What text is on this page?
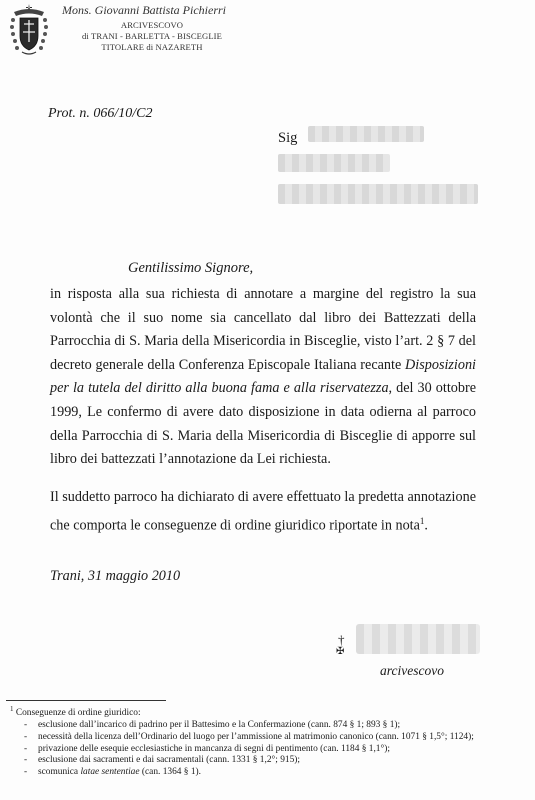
Mons. Giovanni Battista Pichierri
ARCIVESCOVO
di TRANI - BARLETTA - BISCEGLIE
TITOLARE di NAZARETH
Prot. n. 066/10/C2
Sig
Gentilissimo Signore,
in risposta alla sua richiesta di annotare a margine del registro la sua volontà che il suo nome sia cancellato dal libro dei Battezzati della Parrocchia di S. Maria della Misericordia in Bisceglie, visto l’art. 2 § 7 del decreto generale della Conferenza Episcopale Italiana recante Disposizioni per la tutela del diritto alla buona fama e alla riservatezza, del 30 ottobre 1999, Le confermo di avere dato disposizione in data odierna al parroco della Parrocchia di S. Maria della Misericordia di Bisceglie di apporre sul libro dei battezzati l’annotazione da Lei richiesta.
Il suddetto parroco ha dichiarato di avere effettuato la predetta annotazione che comporta le conseguenze di ordine giuridico riportate in nota$^1$.
Trani, 31 maggio 2010
†
✠
arcivescovo
$^1$ Conseguenze di ordine giuridico:
- esclusione dall’incarico di padrino per il Battesimo e la Confermazione (cann. 874 § 1; 893 § 1);
- necessità della licenza dell’Ordinario del luogo per l’ammissione al matrimonio canonico (cann. 1071 § 1,5°; 1124);
- privazione delle esequie ecclesiastiche in mancanza di segni di pentimento (can. 1184 § 1,1°);
- esclusione dai sacramenti e dai sacramentali (cann. 1331 § 1,2°; 915);
- scomunica latae sententiae (can. 1364 § 1).
